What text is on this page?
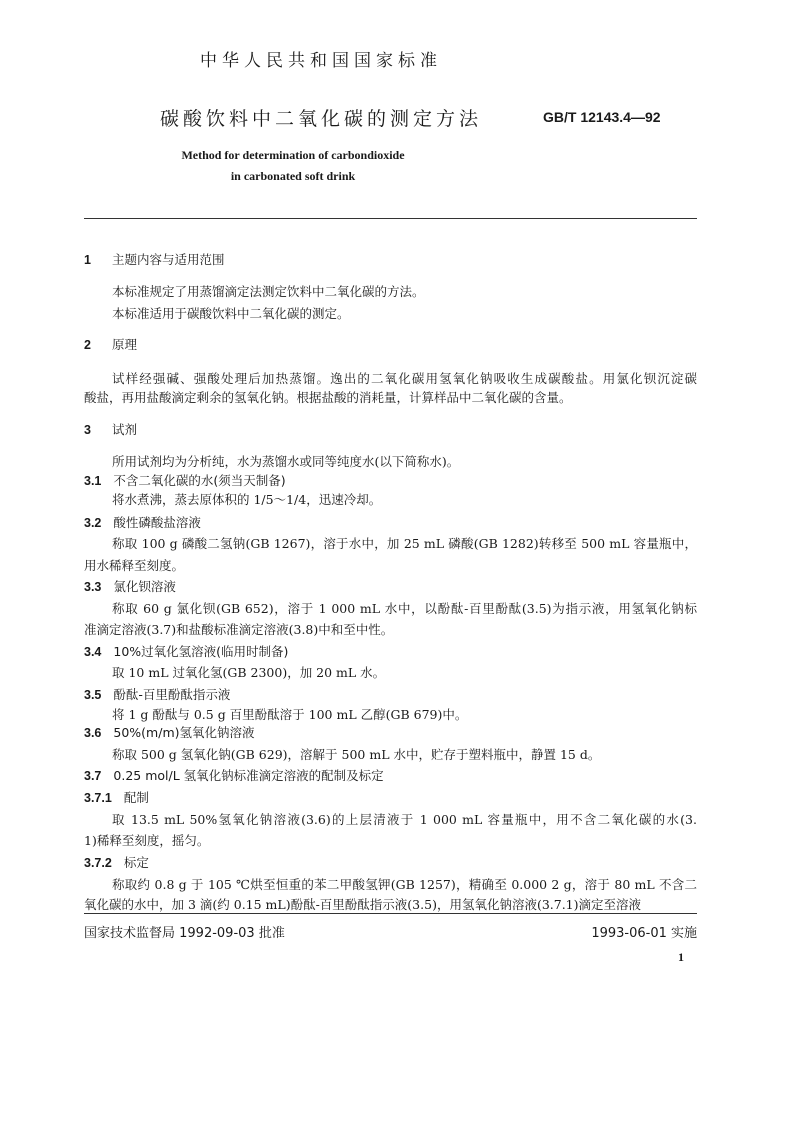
中华人民共和国国家标准
碳酸饮料中二氧化碳的测定方法	GB/T 12143.4—92
Method for determination of carbondioxide
in carbonated soft drink
1 主题内容与适用范围
本标准规定了用蒸馏滴定法测定饮料中二氧化碳的方法。
本标准适用于碳酸饮料中二氧化碳的测定。
2 原理
试样经强碱、强酸处理后加热蒸馏。逸出的二氧化碳用氢氧化钠吸收生成碳酸盐。用氯化钡沉淀碳
酸盐，再用盐酸滴定剩余的氢氧化钠。根据盐酸的消耗量，计算样品中二氧化碳的含量。
3 试剂
所用试剂均为分析纯，水为蒸馏水或同等纯度水(以下简称水)。
3.1 不含二氧化碳的水(须当天制备)
将水煮沸，蒸去原体积的 1/5～1/4，迅速冷却。
3.2 酸性磷酸盐溶液
称取 100 g 磷酸二氢钠(GB 1267)，溶于水中，加 25 mL 磷酸(GB 1282)转移至 500 mL 容量瓶中，
用水稀释至刻度。
3.3 氯化钡溶液
称取 60 g 氯化钡(GB 652)，溶于 1 000 mL 水中，以酚酞-百里酚酞(3.5)为指示液，用氢氧化钠标
准滴定溶液(3.7)和盐酸标准滴定溶液(3.8)中和至中性。
3.4 10%过氧化氢溶液(临用时制备)
取 10 mL 过氧化氢(GB 2300)，加 20 mL 水。
3.5 酚酞-百里酚酞指示液
将 1 g 酚酞与 0.5 g 百里酚酞溶于 100 mL 乙醇(GB 679)中。
3.6 50%(m/m)氢氧化钠溶液
称取 500 g 氢氧化钠(GB 629)，溶解于 500 mL 水中，贮存于塑料瓶中，静置 15 d。
3.7 0.25 mol/L 氢氧化钠标准滴定溶液的配制及标定
3.7.1 配制
取 13.5 mL 50%氢氧化钠溶液(3.6)的上层清液于 1 000 mL 容量瓶中，用不含二氧化碳的水(3.
1)稀释至刻度，摇匀。
3.7.2 标定
称取约 0.8 g 于 105 ℃烘至恒重的苯二甲酸氢钾(GB 1257)，精确至 0.000 2 g，溶于 80 mL 不含二
氧化碳的水中，加 3 滴(约 0.15 mL)酚酞-百里酚酞指示液(3.5)，用氢氧化钠溶液(3.7.1)滴定至溶液
国家技术监督局 1992-09-03 批准	1993-06-01 实施
1
